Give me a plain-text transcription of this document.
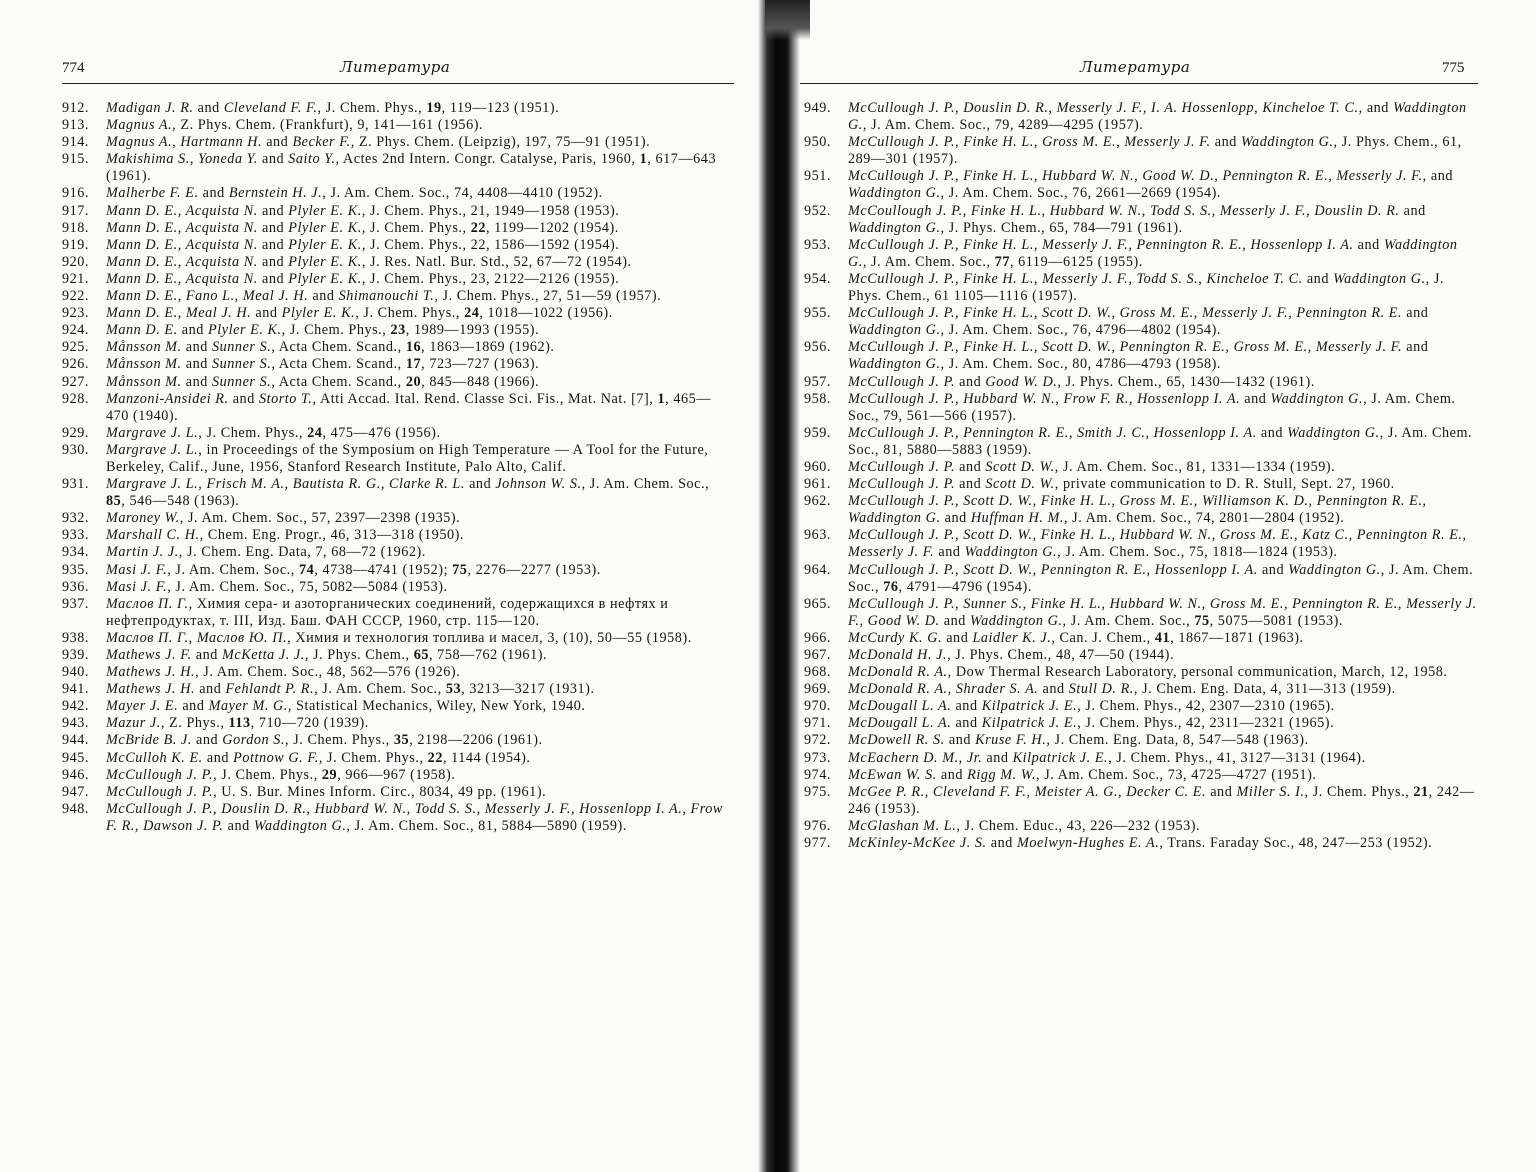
774	Литература
912. Madigan J. R. and Cleveland F. F., J. Chem. Phys., 19, 119—123 (1951).
913. Magnus A., Z. Phys. Chem. (Frankfurt), 9, 141—161 (1956).
914. Magnus A., Hartmann H. and Becker F., Z. Phys. Chem. (Leipzig), 197, 75—91 (1951).
915. Makishima S., Yoneda Y. and Saito Y., Actes 2nd Intern. Congr. Catalyse, Paris, 1960, 1, 617—643 (1961).
916. Malherbe F. E. and Bernstein H. J., J. Am. Chem. Soc., 74, 4408—4410 (1952).
917. Mann D. E., Acquista N. and Plyler E. K., J. Chem. Phys., 21, 1949—1958 (1953).
918. Mann D. E., Acquista N. and Plyler E. K., J. Chem. Phys., 22, 1199—1202 (1954).
919. Mann D. E., Acquista N. and Plyler E. K., J. Chem. Phys., 22, 1586—1592 (1954).
920. Mann D. E., Acquista N. and Plyler E. K., J. Res. Natl. Bur. Std., 52, 67—72 (1954).
921. Mann D. E., Acquista N. and Plyler E. K., J. Chem. Phys., 23, 2122—2126 (1955).
922. Mann D. E., Fano L., Meal J. H. and Shimanouchi T., J. Chem. Phys., 27, 51—59 (1957).
923. Mann D. E., Meal J. H. and Plyler E. K., J. Chem. Phys., 24, 1018—1022 (1956).
924. Mann D. E. and Plyler E. K., J. Chem. Phys., 23, 1989—1993 (1955).
925. Månsson M. and Sunner S., Acta Chem. Scand., 16, 1863—1869 (1962).
926. Månsson M. and Sunner S., Acta Chem. Scand., 17, 723—727 (1963).
927. Månsson M. and Sunner S., Acta Chem. Scand., 20, 845—848 (1966).
928. Manzoni-Ansidei R. and Storto T., Atti Accad. Ital. Rend. Classe Sci. Fis., Mat. Nat. [7], 1, 465—470 (1940).
929. Margrave J. L., J. Chem. Phys., 24, 475—476 (1956).
930. Margrave J. L., in Proceedings of the Symposium on High Temperature — A Tool for the Future, Berkeley, Calif., June, 1956, Stanford Research Institute, Palo Alto, Calif.
931. Margrave J. L., Frisch M. A., Bautista R. G., Clarke R. L. and Johnson W. S., J. Am. Chem. Soc., 85, 546—548 (1963).
932. Maroney W., J. Am. Chem. Soc., 57, 2397—2398 (1935).
933. Marshall C. H., Chem. Eng. Progr., 46, 313—318 (1950).
934. Martin J. J., J. Chem. Eng. Data, 7, 68—72 (1962).
935. Masi J. F., J. Am. Chem. Soc., 74, 4738—4741 (1952); 75, 2276—2277 (1953).
936. Masi J. F., J. Am. Chem. Soc., 75, 5082—5084 (1953).
937. Маслов П. Г., Химия сера- и азоторганических соединений, содержащихся в нефтях и нефтепродуктах, т. III, Изд. Баш. ФАН СССР, 1960, стр. 115—120.
938. Маслов П. Г., Маслов Ю. П., Химия и технология топлива и масел, 3, (10), 50—55 (1958).
939. Mathews J. F. and McKetta J. J., J. Phys. Chem., 65, 758—762 (1961).
940. Mathews J. H., J. Am. Chem. Soc., 48, 562—576 (1926).
941. Mathews J. H. and Fehlandt P. R., J. Am. Chem. Soc., 53, 3213—3217 (1931).
942. Mayer J. E. and Mayer M. G., Statistical Mechanics, Wiley, New York, 1940.
943. Mazur J., Z. Phys., 113, 710—720 (1939).
944. McBride B. J. and Gordon S., J. Chem. Phys., 35, 2198—2206 (1961).
945. McCulloh K. E. and Pottnow G. F., J. Chem. Phys., 22, 1144 (1954).
946. McCullough J. P., J. Chem. Phys., 29, 966—967 (1958).
947. McCullough J. P., U. S. Bur. Mines Inform. Circ., 8034, 49 pp. (1961).
948. McCullough J. P., Douslin D. R., Hubbard W. N., Todd S. S., Messerly J. F., Hossenlopp I. A., Frow F. R., Dawson J. P. and Waddington G., J. Am. Chem. Soc., 81, 5884—5890 (1959).
Литература	775
949. McCullough J. P., Douslin D. R., Messerly J. F., I. A. Hossenlopp, Kincheloe T. C., and Waddington G., J. Am. Chem. Soc., 79, 4289—4295 (1957).
950. McCullough J. P., Finke H. L., Gross M. E., Messerly J. F. and Waddington G., J. Phys. Chem., 61, 289—301 (1957).
951. McCullough J. P., Finke H. L., Hubbard W. N., Good W. D., Pennington R. E., Messerly J. F., and Waddington G., J. Am. Chem. Soc., 76, 2661—2669 (1954).
952. McCoullough J. P., Finke H. L., Hubbard W. N., Todd S. S., Messerly J. F., Douslin D. R. and Waddington G., J. Phys. Chem., 65, 784—791 (1961).
953. McCullough J. P., Finke H. L., Messerly J. F., Pennington R. E., Hossenlopp I. A. and Waddington G., J. Am. Chem. Soc., 77, 6119—6125 (1955).
954. McCullough J. P., Finke H. L., Messerly J. F., Todd S. S., Kincheloe T. C. and Waddington G., J. Phys. Chem., 61 1105—1116 (1957).
955. McCullough J. P., Finke H. L., Scott D. W., Gross M. E., Messerly J. F., Pennington R. E. and Waddington G., J. Am. Chem. Soc., 76, 4796—4802 (1954).
956. McCullough J. P., Finke H. L., Scott D. W., Pennington R. E., Gross M. E., Messerly J. F. and Waddington G., J. Am. Chem. Soc., 80, 4786—4793 (1958).
957. McCullough J. P. and Good W. D., J. Phys. Chem., 65, 1430—1432 (1961).
958. McCullough J. P., Hubbard W. N., Frow F. R., Hossenlopp I. A. and Waddington G., J. Am. Chem. Soc., 79, 561—566 (1957).
959. McCullough J. P., Pennington R. E., Smith J. C., Hossenlopp I. A. and Waddington G., J. Am. Chem. Soc., 81, 5880—5883 (1959).
960. McCullough J. P. and Scott D. W., J. Am. Chem. Soc., 81, 1331—1334 (1959).
961. McCullough J. P. and Scott D. W., private communication to D. R. Stull, Sept. 27, 1960.
962. McCullough J. P., Scott D. W., Finke H. L., Gross M. E., Williamson K. D., Pennington R. E., Waddington G. and Huffman H. M., J. Am. Chem. Soc., 74, 2801—2804 (1952).
963. McCullough J. P., Scott D. W., Finke H. L., Hubbard W. N., Gross M. E., Katz C., Pennington R. E., Messerly J. F. and Waddington G., J. Am. Chem. Soc., 75, 1818—1824 (1953).
964. McCullough J. P., Scott D. W., Pennington R. E., Hossenlopp I. A. and Waddington G., J. Am. Chem. Soc., 76, 4791—4796 (1954).
965. McCullough J. P., Sunner S., Finke H. L., Hubbard W. N., Gross M. E., Pennington R. E., Messerly J. F., Good W. D. and Waddington G., J. Am. Chem. Soc., 75, 5075—5081 (1953).
966. McCurdy K. G. and Laidler K. J., Can. J. Chem., 41, 1867—1871 (1963).
967. McDonald H. J., J. Phys. Chem., 48, 47—50 (1944).
968. McDonald R. A., Dow Thermal Research Laboratory, personal communication, March, 12, 1958.
969. McDonald R. A., Shrader S. A. and Stull D. R., J. Chem. Eng. Data, 4, 311—313 (1959).
970. McDougall L. A. and Kilpatrick J. E., J. Chem. Phys., 42, 2307—2310 (1965).
971. McDougall L. A. and Kilpatrick J. E., J. Chem. Phys., 42, 2311—2321 (1965).
972. McDowell R. S. and Kruse F. H., J. Chem. Eng. Data, 8, 547—548 (1963).
973. McEachern D. M., Jr. and Kilpatrick J. E., J. Chem. Phys., 41, 3127—3131 (1964).
974. McEwan W. S. and Rigg M. W., J. Am. Chem. Soc., 73, 4725—4727 (1951).
975. McGee P. R., Cleveland F. F., Meister A. G., Decker C. E. and Miller S. I., J. Chem. Phys., 21, 242—246 (1953).
976. McGlashan M. L., J. Chem. Educ., 43, 226—232 (1953).
977. McKinley-McKee J. S. and Moelwyn-Hughes E. A., Trans. Faraday Soc., 48, 247—253 (1952).
